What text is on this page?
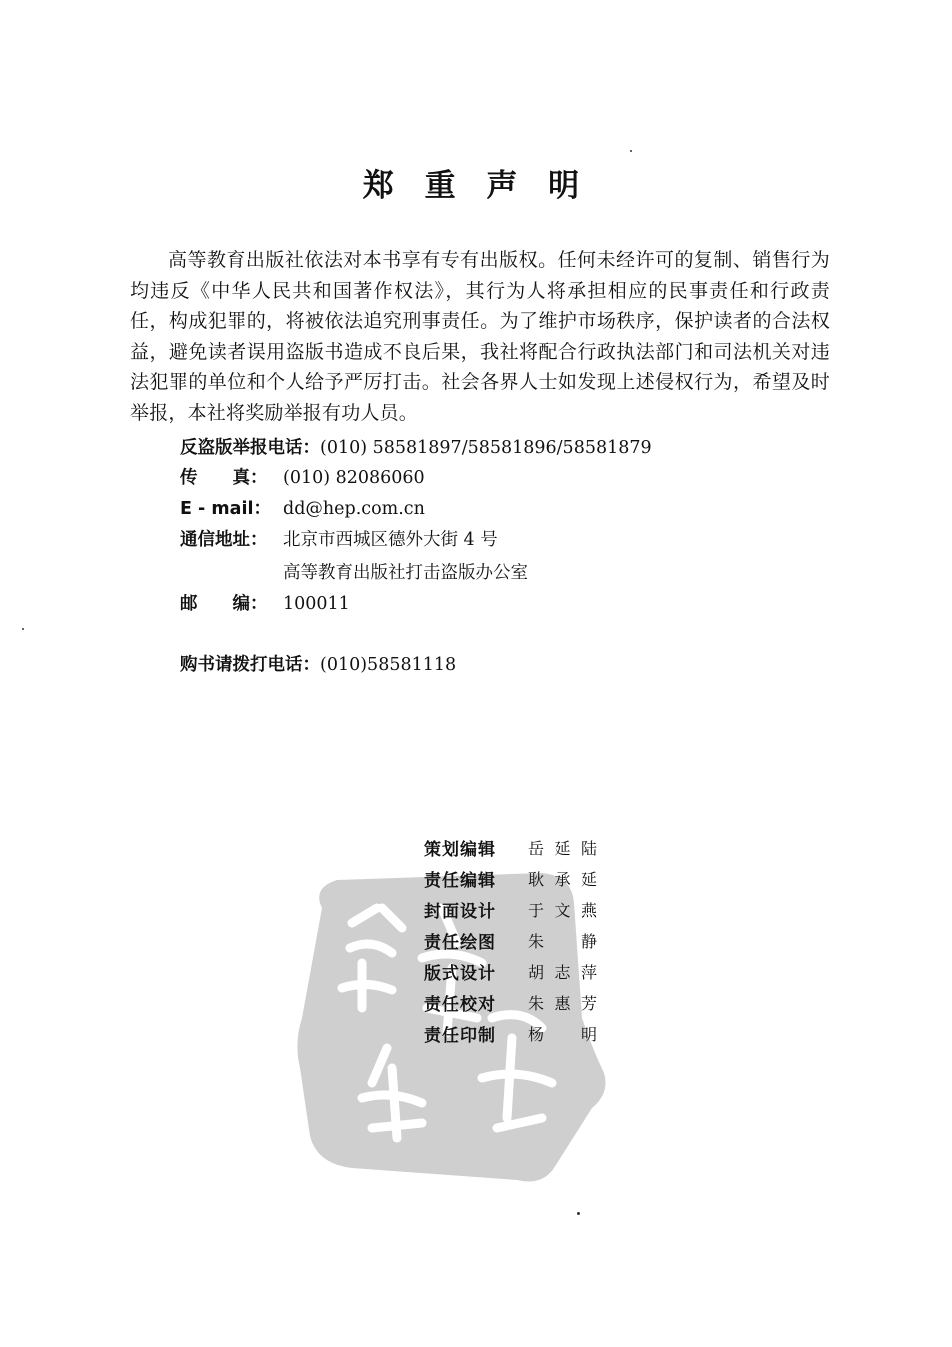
郑 重 声 明

高等教育出版社依法对本书享有专有出版权。任何未经许可的复制、销售行为均违反《中华人民共和国著作权法》，其行为人将承担相应的民事责任和行政责任，构成犯罪的，将被依法追究刑事责任。为了维护市场秩序，保护读者的合法权益，避免读者误用盗版书造成不良后果，我社将配合行政执法部门和司法机关对违法犯罪的单位和个人给予严厉打击。社会各界人士如发现上述侵权行为，希望及时举报，本社将奖励举报有功人员。

反盗版举报电话：(010) 58581897/58581896/58581879
传　　真： (010) 82086060
E - mail： dd@hep.com.cn
通信地址： 北京市西城区德外大街 4 号
高等教育出版社打击盗版办公室
邮　　编： 100011
购书请拨打电话：(010)58581118
策划编辑	岳延陆
责任编辑	耿承延
封面设计	于文燕
责任绘图	朱　静
版式设计	胡志萍
责任校对	朱惠芳
责任印制	杨　明
